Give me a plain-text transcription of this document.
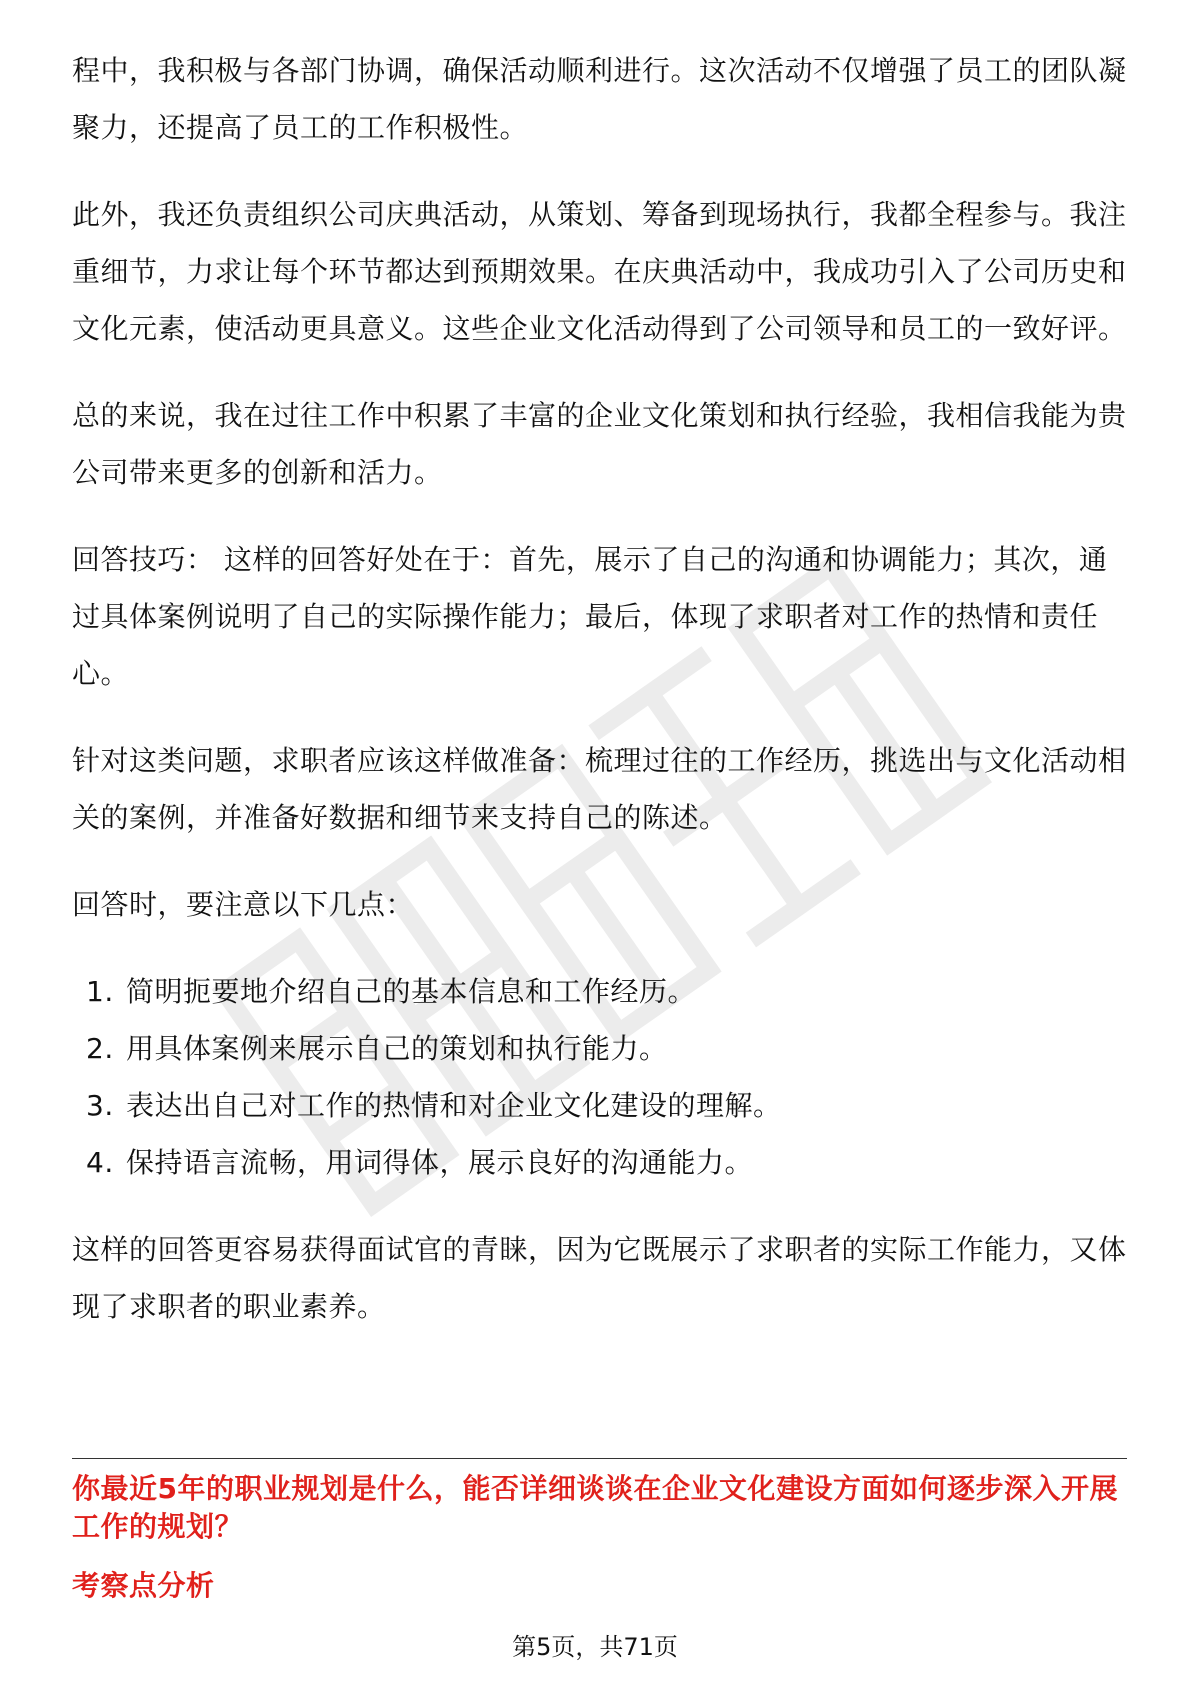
程中，我积极与各部门协调，确保活动顺利进行。这次活动不仅增强了员工的团队凝聚力，还提高了员工的工作积极性。

此外，我还负责组织公司庆典活动，从策划、筹备到现场执行，我都全程参与。我注重细节，力求让每个环节都达到预期效果。在庆典活动中，我成功引入了公司历史和文化元素，使活动更具意义。这些企业文化活动得到了公司领导和员工的一致好评。

总的来说，我在过往工作中积累了丰富的企业文化策划和执行经验，我相信我能为贵公司带来更多的创新和活力。

回答技巧： 这样的回答好处在于：首先，展示了自己的沟通和协调能力；其次，通过具体案例说明了自己的实际操作能力；最后，体现了求职者对工作的热情和责任心。

针对这类问题，求职者应该这样做准备：梳理过往的工作经历，挑选出与文化活动相关的案例，并准备好数据和细节来支持自己的陈述。

回答时，要注意以下几点：

1. 简明扼要地介绍自己的基本信息和工作经历。
2. 用具体案例来展示自己的策划和执行能力。
3. 表达出自己对工作的热情和对企业文化建设的理解。
4. 保持语言流畅，用词得体，展示良好的沟通能力。

这样的回答更容易获得面试官的青睐，因为它既展示了求职者的实际工作能力，又体现了求职者的职业素养。

你最近5年的职业规划是什么，能否详细谈谈在企业文化建设方面如何逐步深入开展工作的规划？
考察点分析
第5页，共71页
